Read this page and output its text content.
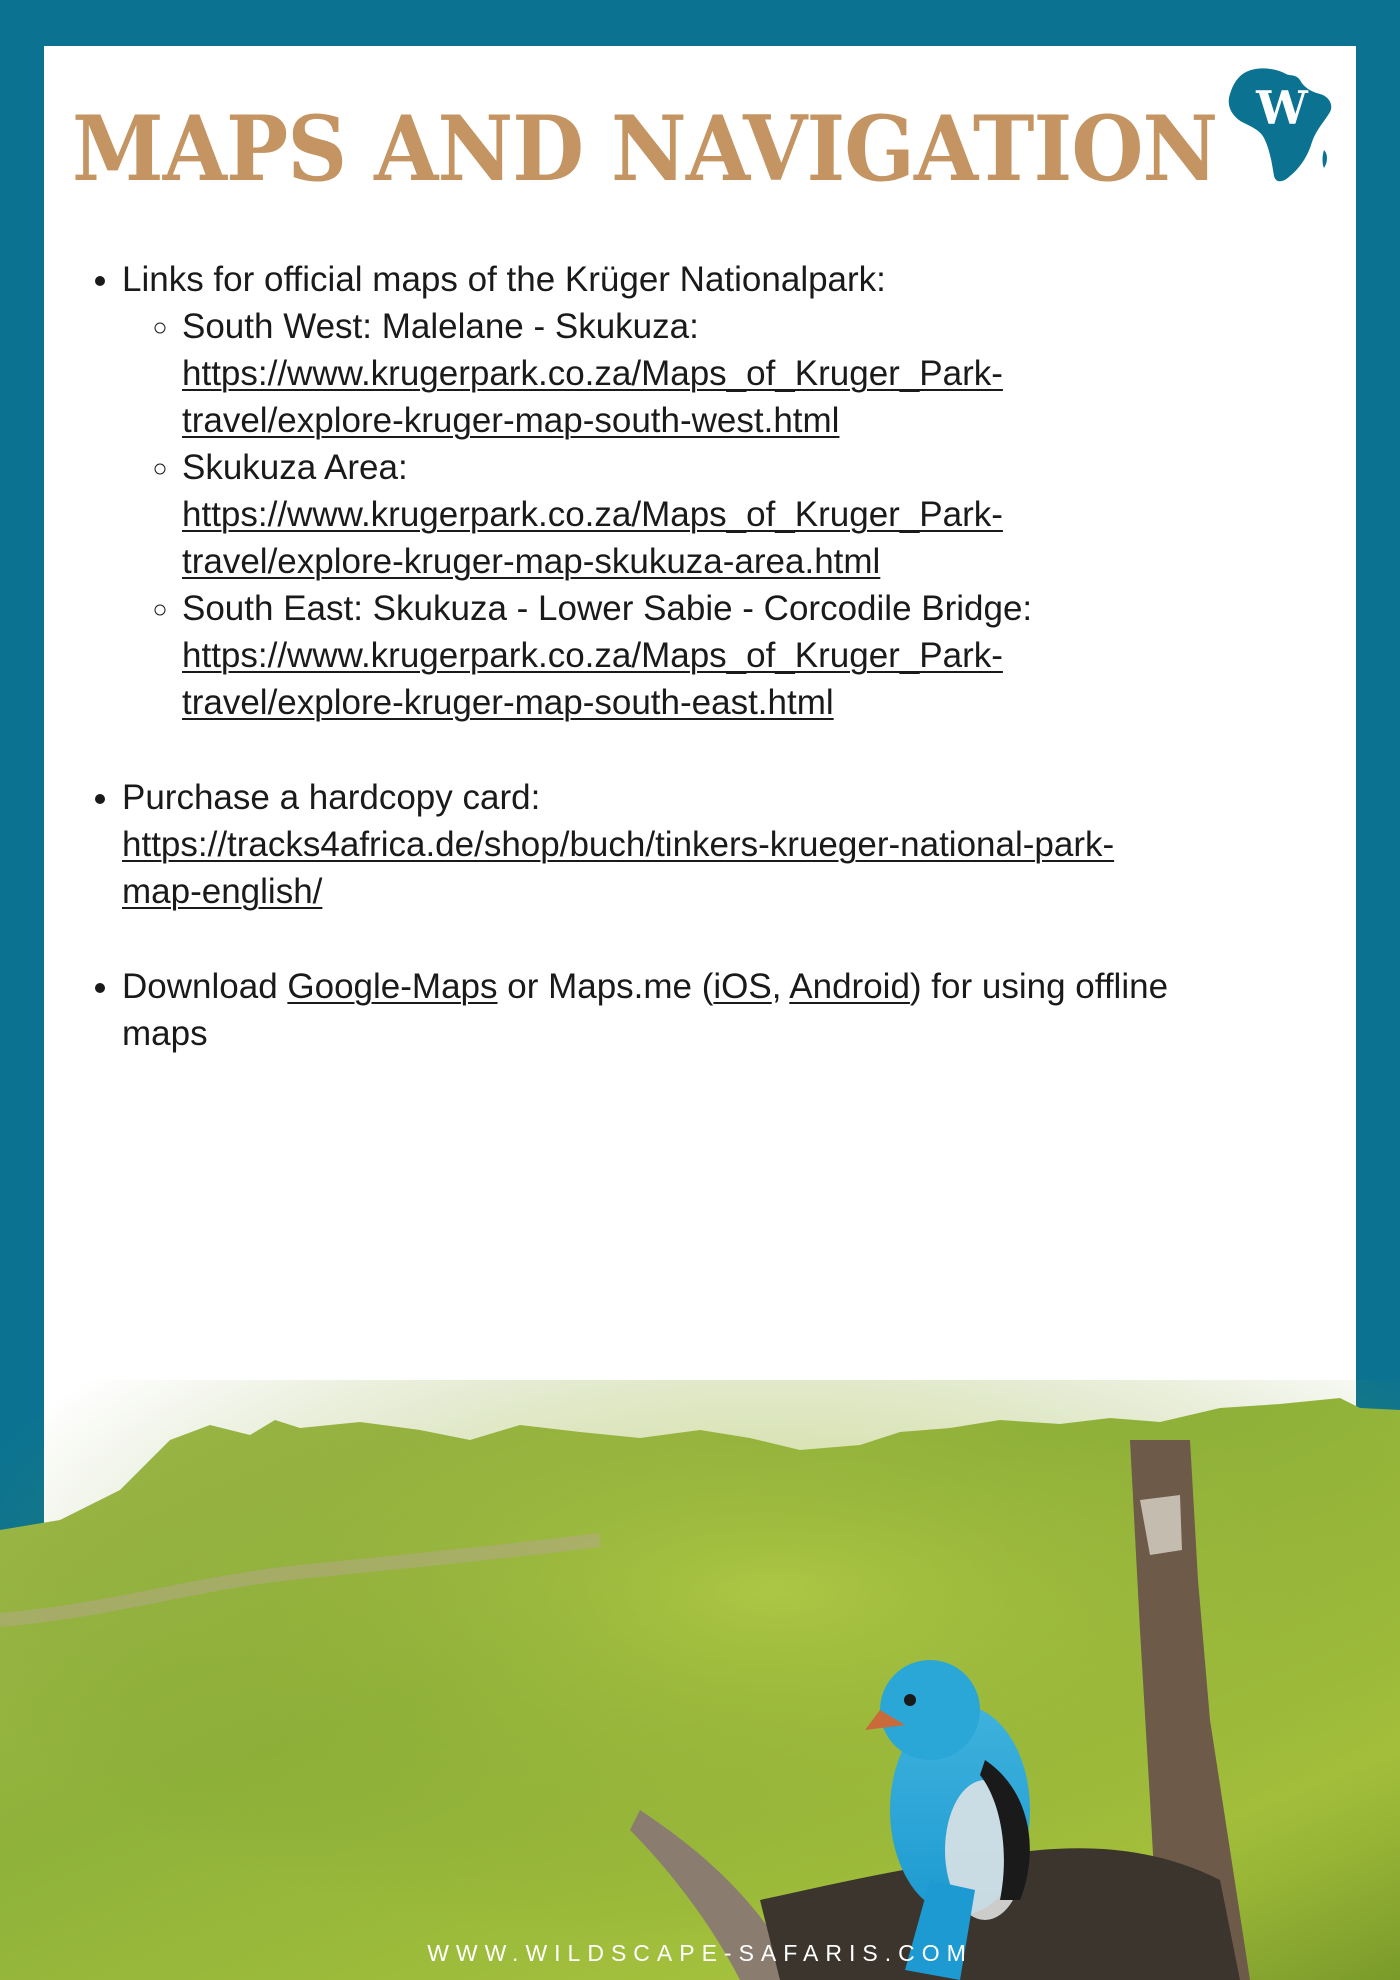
W
MAPS AND NAVIGATION
• Links for official maps of the Krüger Nationalpark:
◦ South West: Malelane - Skukuza:
https://www.krugerpark.co.za/Maps_of_Kruger_Park-
travel/explore-kruger-map-south-west.html
◦ Skukuza Area:
https://www.krugerpark.co.za/Maps_of_Kruger_Park-
travel/explore-kruger-map-skukuza-area.html
◦ South East: Skukuza - Lower Sabie - Corcodile Bridge:
https://www.krugerpark.co.za/Maps_of_Kruger_Park-
travel/explore-kruger-map-south-east.html
• Purchase a hardcopy card:
https://tracks4africa.de/shop/buch/tinkers-krueger-national-park-
map-english/
• Download Google-Maps or Maps.me (iOS, Android) for using offline
maps
WWW.WILDSCAPE-SAFARIS.COM
